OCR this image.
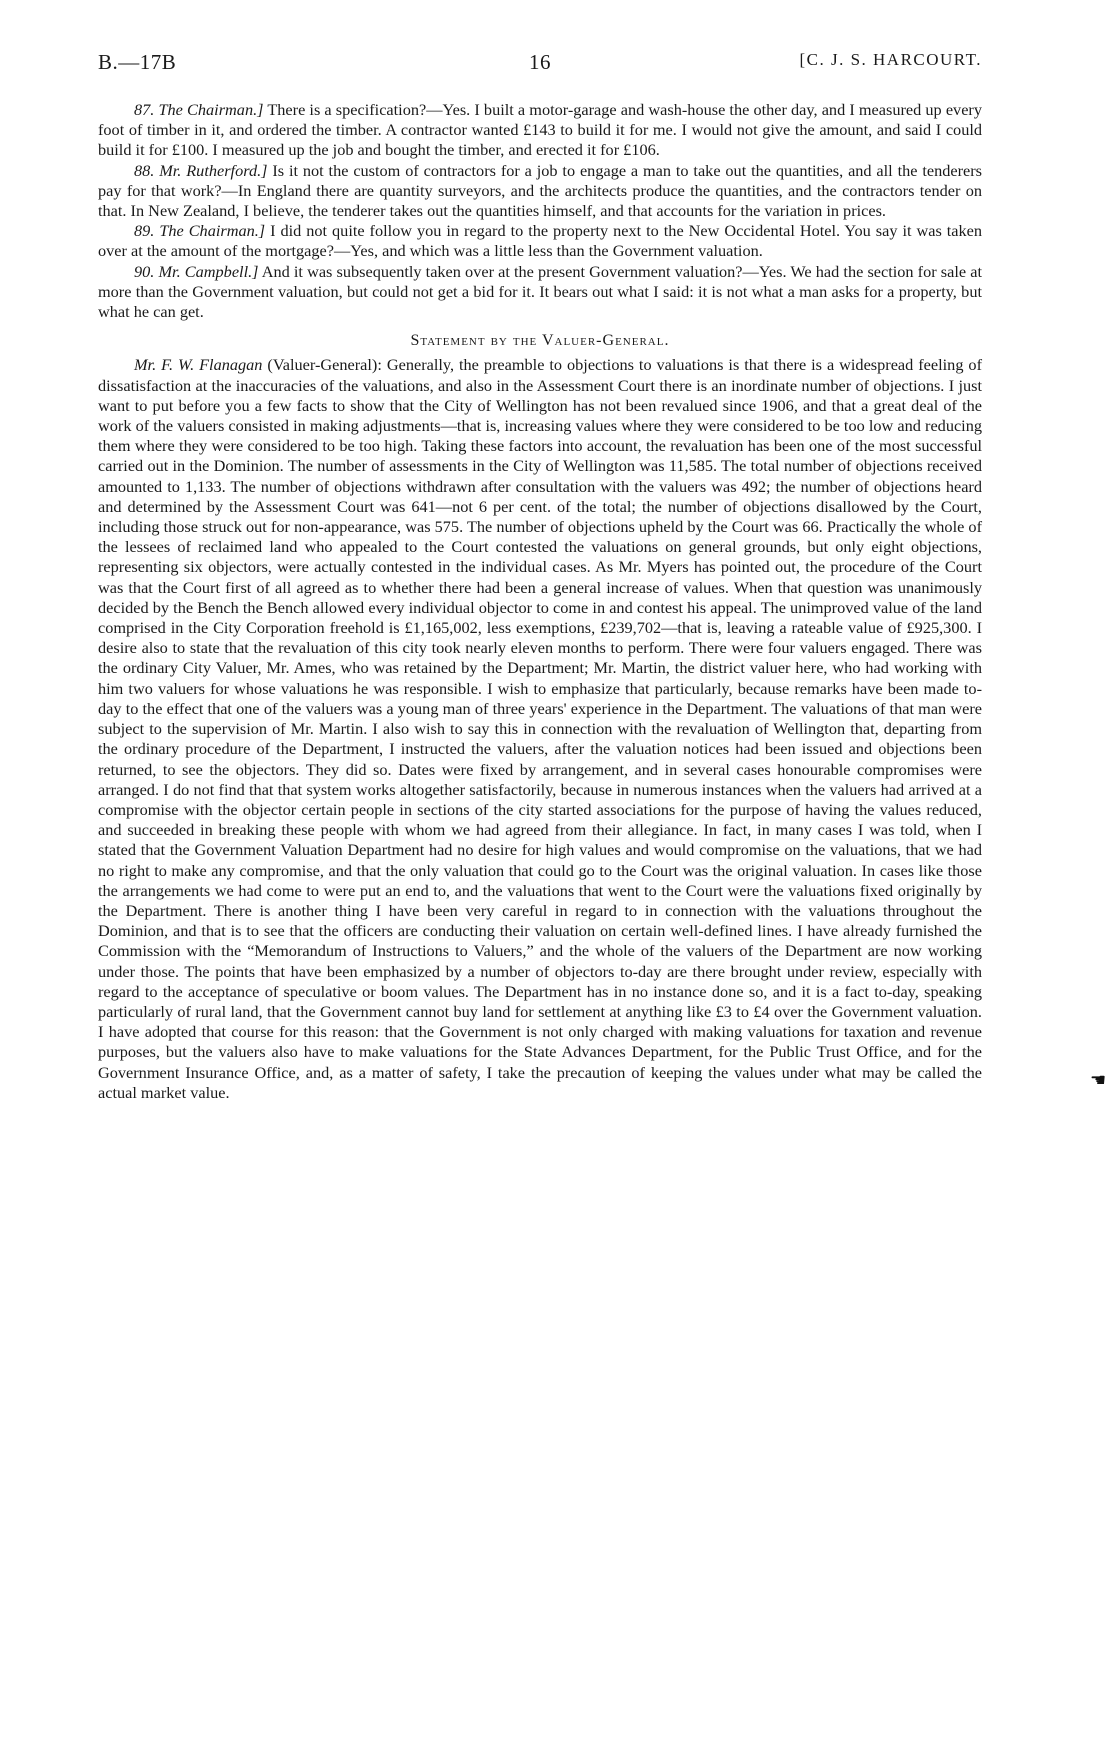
B.—17B	16	[C. J. S. HARCOURT.

87. The Chairman.] There is a specification?—Yes. I built a motor-garage and wash-house the other day, and I measured up every foot of timber in it, and ordered the timber. A contractor wanted £143 to build it for me. I would not give the amount, and said I could build it for £100. I measured up the job and bought the timber, and erected it for £106.

88. Mr. Rutherford.] Is it not the custom of contractors for a job to engage a man to take out the quantities, and all the tenderers pay for that work?—In England there are quantity surveyors, and the architects produce the quantities, and the contractors tender on that. In New Zealand, I believe, the tenderer takes out the quantities himself, and that accounts for the variation in prices.

89. The Chairman.] I did not quite follow you in regard to the property next to the New Occidental Hotel. You say it was taken over at the amount of the mortgage?—Yes, and which was a little less than the Government valuation.

90. Mr. Campbell.] And it was subsequently taken over at the present Government valuation?—Yes. We had the section for sale at more than the Government valuation, but could not get a bid for it. It bears out what I said: it is not what a man asks for a property, but what he can get.

Statement by the Valuer-General.

Mr. F. W. Flanagan (Valuer-General): Generally, the preamble to objections to valuations is that there is a widespread feeling of dissatisfaction at the inaccuracies of the valuations, and also in the Assessment Court there is an inordinate number of objections. I just want to put before you a few facts to show that the City of Wellington has not been revalued since 1906, and that a great deal of the work of the valuers consisted in making adjustments—that is, increasing values where they were considered to be too low and reducing them where they were considered to be too high. Taking these factors into account, the revaluation has been one of the most successful carried out in the Dominion. The number of assessments in the City of Wellington was 11,585. The total number of objections received amounted to 1,133. The number of objections withdrawn after consultation with the valuers was 492; the number of objections heard and determined by the Assessment Court was 641—not 6 per cent. of the total; the number of objections disallowed by the Court, including those struck out for non-appearance, was 575. The number of objections upheld by the Court was 66. Practically the whole of the lessees of reclaimed land who appealed to the Court contested the valuations on general grounds, but only eight objections, representing six objectors, were actually contested in the individual cases. As Mr. Myers has pointed out, the procedure of the Court was that the Court first of all agreed as to whether there had been a general increase of values. When that question was unanimously decided by the Bench the Bench allowed every individual objector to come in and contest his appeal. The unimproved value of the land comprised in the City Corporation freehold is £1,165,002, less exemptions, £239,702—that is, leaving a rateable value of £925,300. I desire also to state that the revaluation of this city took nearly eleven months to perform. There were four valuers engaged. There was the ordinary City Valuer, Mr. Ames, who was retained by the Department; Mr. Martin, the district valuer here, who had working with him two valuers for whose valuations he was responsible. I wish to emphasize that particularly, because remarks have been made to-day to the effect that one of the valuers was a young man of three years' experience in the Department. The valuations of that man were subject to the supervision of Mr. Martin. I also wish to say this in connection with the revaluation of Wellington that, departing from the ordinary procedure of the Department, I instructed the valuers, after the valuation notices had been issued and objections been returned, to see the objectors. They did so. Dates were fixed by arrangement, and in several cases honourable compromises were arranged. I do not find that that system works altogether satisfactorily, because in numerous instances when the valuers had arrived at a compromise with the objector certain people in sections of the city started associations for the purpose of having the values reduced, and succeeded in breaking these people with whom we had agreed from their allegiance. In fact, in many cases I was told, when I stated that the Government Valuation Department had no desire for high values and would compromise on the valuations, that we had no right to make any compromise, and that the only valuation that could go to the Court was the original valuation. In cases like those the arrangements we had come to were put an end to, and the valuations that went to the Court were the valuations fixed originally by the Department. There is another thing I have been very careful in regard to in connection with the valuations throughout the Dominion, and that is to see that the officers are conducting their valuation on certain well-defined lines. I have already furnished the Commission with the “Memorandum of Instructions to Valuers,” and the whole of the valuers of the Department are now working under those. The points that have been emphasized by a number of objectors to-day are there brought under review, especially with regard to the acceptance of speculative or boom values. The Department has in no instance done so, and it is a fact to-day, speaking particularly of rural land, that the Government cannot buy land for settlement at anything like £3 to £4 over the Government valuation. I have adopted that course for this reason: that the Government is not only charged with making valuations for taxation and revenue purposes, but the valuers also have to make valuations for the State Advances Department, for the Public Trust Office, and for the Government Insurance Office, and, as a matter of safety, I take the precaution of keeping the values under what may be called the actual market value.

☚
